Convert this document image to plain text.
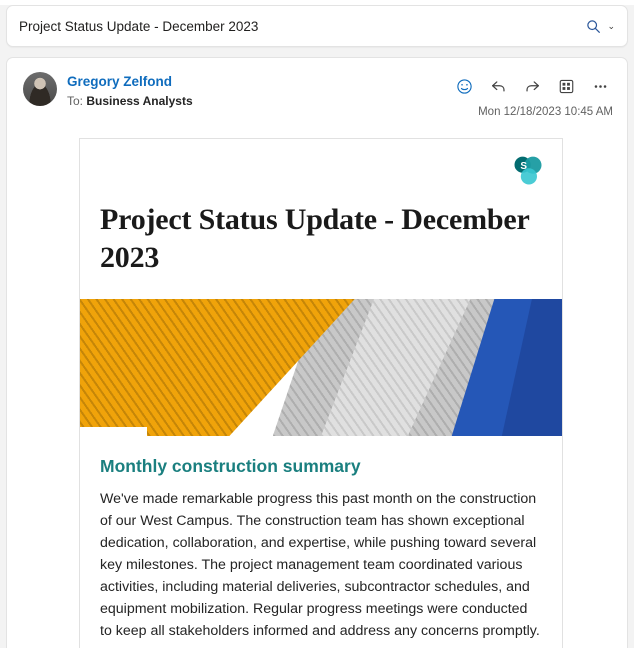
Project Status Update - December 2023	⌄
Gregory Zelfond
To: Business Analysts
Mon 12/18/2023 10:45 AM
S
Project Status Update - December 2023
Monthly construction summary
We've made remarkable progress this past month on the construction of our West Campus. The construction team has shown exceptional dedication, collaboration, and expertise, while pushing toward several key milestones. The project management team coordinated various activities, including material deliveries, subcontractor schedules, and equipment mobilization. Regular progress meetings were conducted to keep all stakeholders informed and address any concerns promptly.
